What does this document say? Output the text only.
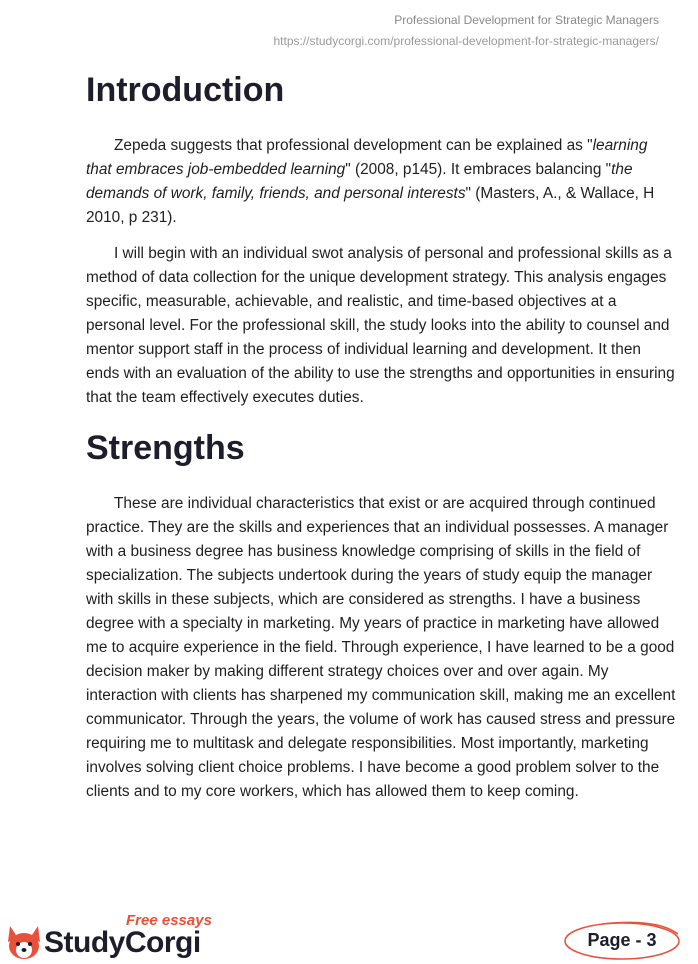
Professional Development for Strategic Managers
https://studycorgi.com/professional-development-for-strategic-managers/
Introduction

Zepeda suggests that professional development can be explained as "learning that embraces job-embedded learning" (2008, p145). It embraces balancing "the demands of work, family, friends, and personal interests" (Masters, A., & Wallace, H 2010, p 231).

I will begin with an individual swot analysis of personal and professional skills as a method of data collection for the unique development strategy. This analysis engages specific, measurable, achievable, and realistic, and time-based objectives at a personal level. For the professional skill, the study looks into the ability to counsel and mentor support staff in the process of individual learning and development. It then ends with an evaluation of the ability to use the strengths and opportunities in ensuring that the team effectively executes duties.

Strengths

These are individual characteristics that exist or are acquired through continued practice. They are the skills and experiences that an individual possesses. A manager with a business degree has business knowledge comprising of skills in the field of specialization. The subjects undertook during the years of study equip the manager with skills in these subjects, which are considered as strengths. I have a business degree with a specialty in marketing. My years of practice in marketing have allowed me to acquire experience in the field. Through experience, I have learned to be a good decision maker by making different strategy choices over and over again. My interaction with clients has sharpened my communication skill, making me an excellent communicator. Through the years, the volume of work has caused stress and pressure requiring me to multitask and delegate responsibilities. Most importantly, marketing involves solving client choice problems. I have become a good problem solver to the clients and to my core workers, which has allowed them to keep coming.

Free essays
StudyCorgi	Page - 3
